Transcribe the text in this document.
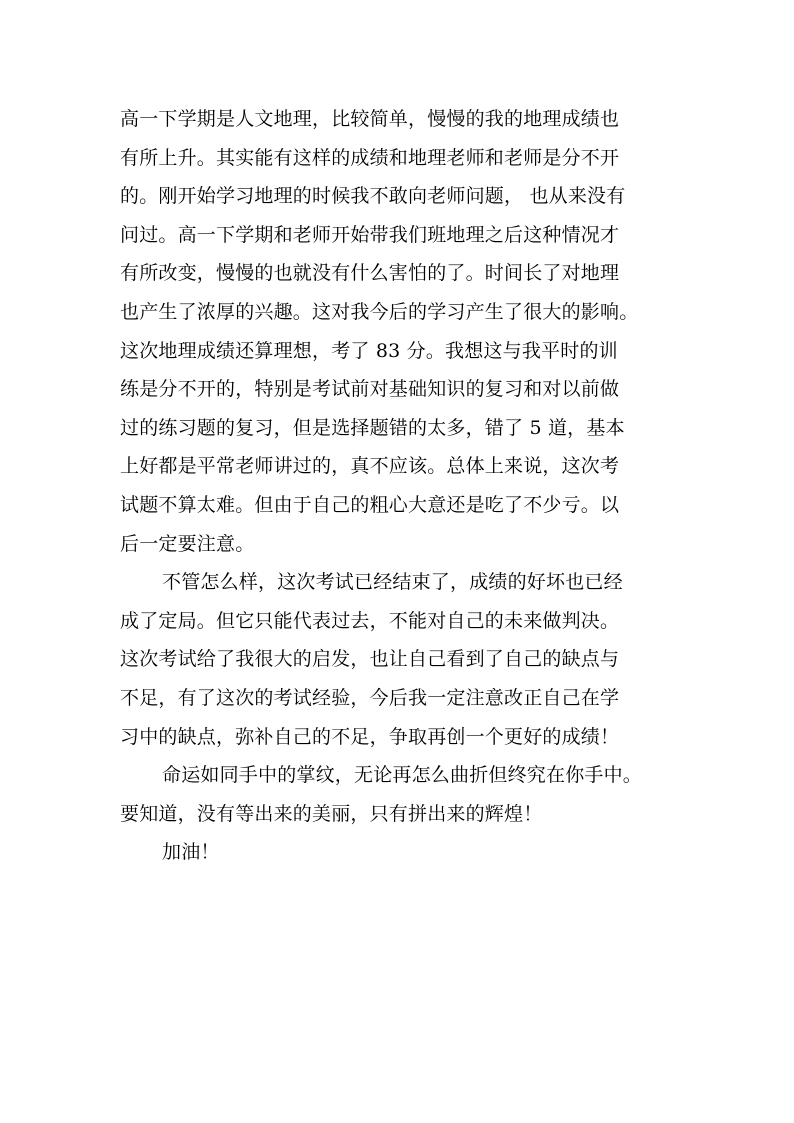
高一下学期是人文地理，比较简单，慢慢的我的地理成绩也
有所上升。其实能有这样的成绩和地理老师和老师是分不开
的。刚开始学习地理的时候我不敢向老师问题， 也从来没有
问过。高一下学期和老师开始带我们班地理之后这种情况才
有所改变，慢慢的也就没有什么害怕的了。时间长了对地理
也产生了浓厚的兴趣。这对我今后的学习产生了很大的影响。
这次地理成绩还算理想，考了 83 分。我想这与我平时的训
练是分不开的，特别是考试前对基础知识的复习和对以前做
过的练习题的复习，但是选择题错的太多，错了 5 道，基本
上好都是平常老师讲过的，真不应该。总体上来说，这次考
试题不算太难。但由于自己的粗心大意还是吃了不少亏。以
后一定要注意。
不管怎么样，这次考试已经结束了，成绩的好坏也已经
成了定局。但它只能代表过去，不能对自己的未来做判决。
这次考试给了我很大的启发，也让自己看到了自己的缺点与
不足，有了这次的考试经验，今后我一定注意改正自己在学
习中的缺点，弥补自己的不足，争取再创一个更好的成绩！
命运如同手中的掌纹，无论再怎么曲折但终究在你手中。
要知道，没有等出来的美丽，只有拼出来的辉煌！
加油！
